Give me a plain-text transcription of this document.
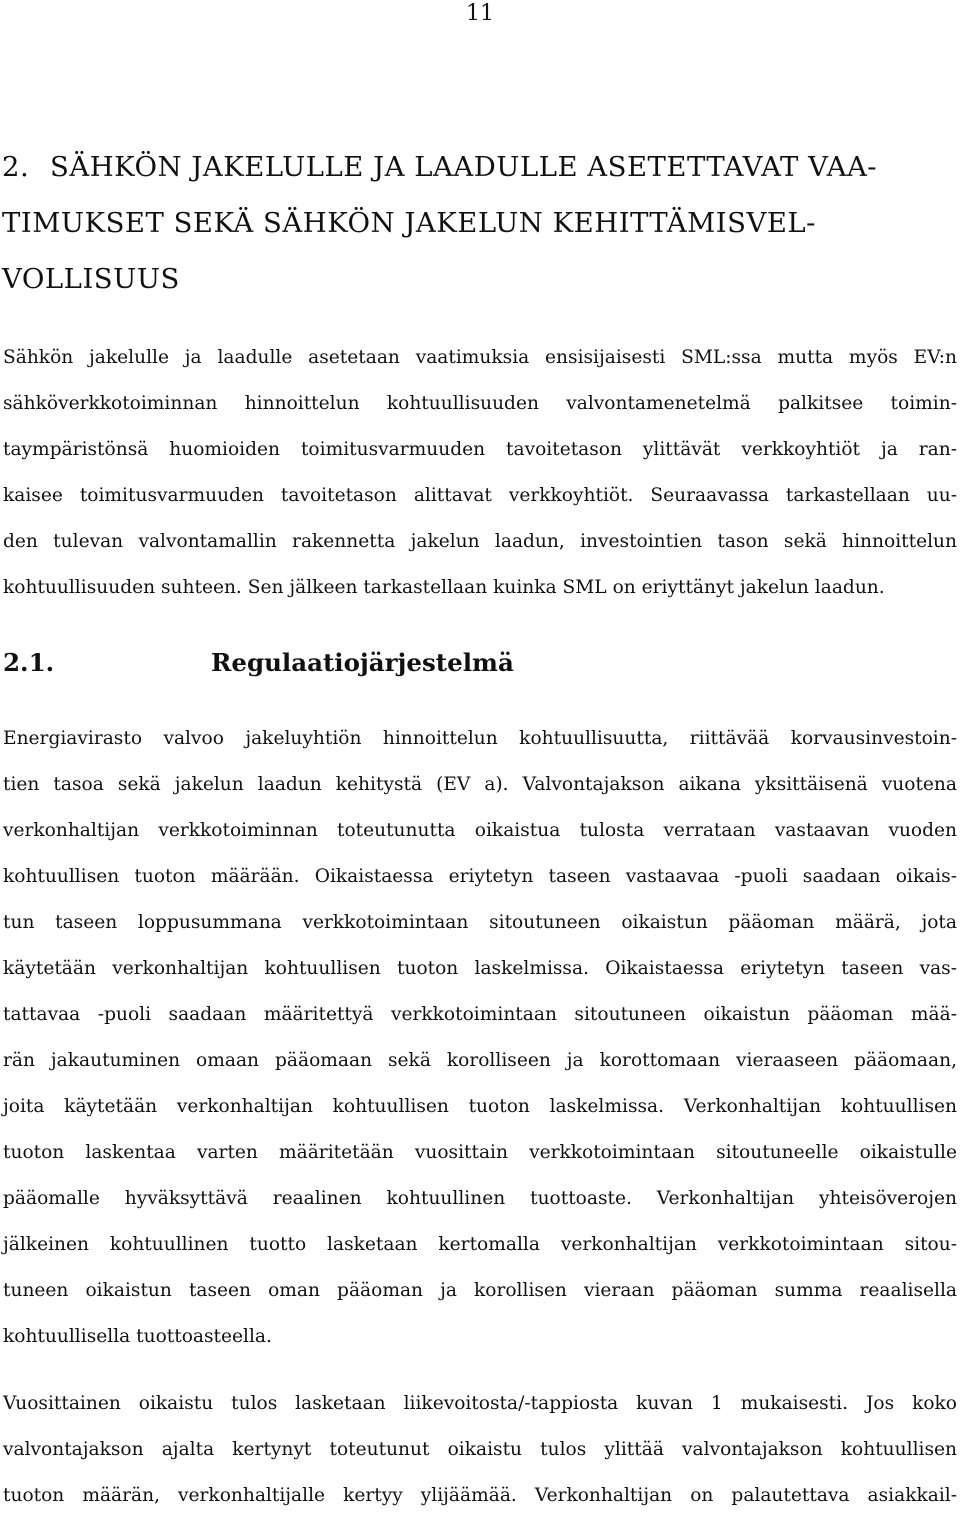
11
2. SÄHKÖN JAKELULLE JA LAADULLE ASETETTAVAT VAA-
TIMUKSET SEKÄ SÄHKÖN JAKELUN KEHITTÄMISVEL-
VOLLISUUS

Sähkön jakelulle ja laadulle asetetaan vaatimuksia ensisijaisesti SML:ssa mutta myös EV:n
sähköverkkotoiminnan hinnoittelun kohtuullisuuden valvontamenetelmä palkitsee toimin-
taympäristönsä huomioiden toimitusvarmuuden tavoitetason ylittävät verkkoyhtiöt ja ran-
kaisee toimitusvarmuuden tavoitetason alittavat verkkoyhtiöt. Seuraavassa tarkastellaan uu-
den tulevan valvontamallin rakennetta jakelun laadun, investointien tason sekä hinnoittelun
kohtuullisuuden suhteen. Sen jälkeen tarkastellaan kuinka SML on eriyttänyt jakelun laadun.

2.1.	Regulaatiojärjestelmä

Energiavirasto valvoo jakeluyhtiön hinnoittelun kohtuullisuutta, riittävää korvausinvestoin-
tien tasoa sekä jakelun laadun kehitystä (EV a). Valvontajakson aikana yksittäisenä vuotena
verkonhaltijan verkkotoiminnan toteutunutta oikaistua tulosta verrataan vastaavan vuoden
kohtuullisen tuoton määrään. Oikaistaessa eriytetyn taseen vastaavaa -puoli saadaan oikais-
tun taseen loppusummana verkkotoimintaan sitoutuneen oikaistun pääoman määrä, jota
käytetään verkonhaltijan kohtuullisen tuoton laskelmissa. Oikaistaessa eriytetyn taseen vas-
tattavaa -puoli saadaan määritettyä verkkotoimintaan sitoutuneen oikaistun pääoman mää-
rän jakautuminen omaan pääomaan sekä korolliseen ja korottomaan vieraaseen pääomaan,
joita käytetään verkonhaltijan kohtuullisen tuoton laskelmissa. Verkonhaltijan kohtuullisen
tuoton laskentaa varten määritetään vuosittain verkkotoimintaan sitoutuneelle oikaistulle
pääomalle hyväksyttävä reaalinen kohtuullinen tuottoaste. Verkonhaltijan yhteisöverojen
jälkeinen kohtuullinen tuotto lasketaan kertomalla verkonhaltijan verkkotoimintaan sitou-
tuneen oikaistun taseen oman pääoman ja korollisen vieraan pääoman summa reaalisella
kohtuullisella tuottoasteella.

Vuosittainen oikaistu tulos lasketaan liikevoitosta/-tappiosta kuvan 1 mukaisesti. Jos koko
valvontajakson ajalta kertynyt toteutunut oikaistu tulos ylittää valvontajakson kohtuullisen
tuoton määrän, verkonhaltijalle kertyy ylijäämää. Verkonhaltijan on palautettava asiakkail-
